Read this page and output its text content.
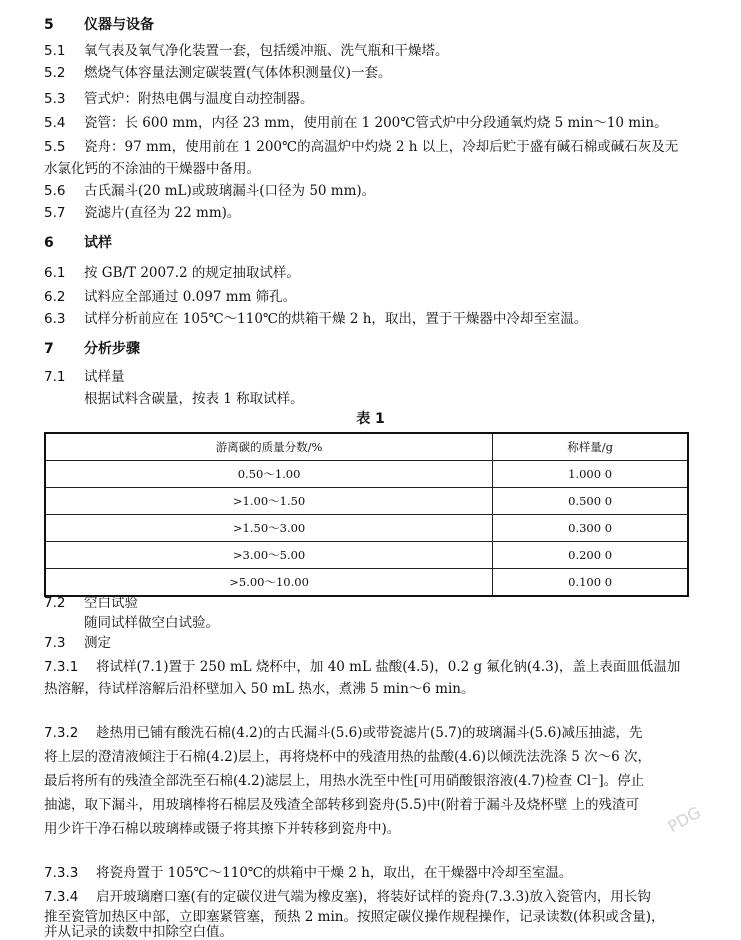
5 仪器与设备
5.1 氧气表及氧气净化装置一套，包括缓冲瓶、洗气瓶和干燥塔。
5.2 燃烧气体容量法测定碳装置(气体体积测量仪)一套。
5.3 管式炉：附热电偶与温度自动控制器。
5.4 瓷管：长 600 mm，内径 23 mm，使用前在 1 200℃管式炉中分段通氧灼烧 5 min～10 min。
5.5 瓷舟：97 mm，使用前在 1 200℃的高温炉中灼烧 2 h 以上，冷却后贮于盛有碱石棉或碱石灰及无
水氯化钙的不涂油的干燥器中备用。
5.6 古氏漏斗(20 mL)或玻璃漏斗(口径为 50 mm)。
5.7 瓷滤片(直径为 22 mm)。
6 试样
6.1 按 GB/T 2007.2 的规定抽取试样。
6.2 试料应全部通过 0.097 mm 筛孔。
6.3 试样分析前应在 105℃～110℃的烘箱干燥 2 h，取出，置于干燥器中冷却至室温。
7 分析步骤
7.1 试样量
根据试料含碳量，按表 1 称取试样。
表 1
游离碳的质量分数/%	称样量/g
0.50～1.00	1.000 0
>1.00～1.50	0.500 0
>1.50～3.00	0.300 0
>3.00～5.00	0.200 0
>5.00～10.00	0.100 0
7.2 空白试验
随同试样做空白试验。
7.3 测定
7.3.1 将试样(7.1)置于 250 mL 烧杯中，加 40 mL 盐酸(4.5)，0.2 g 氟化钠(4.3)，盖上表面皿低温加
热溶解，待试样溶解后沿杯壁加入 50 mL 热水，煮沸 5 min～6 min。
7.3.2 趁热用已铺有酸洗石棉(4.2)的古氏漏斗(5.6)或带瓷滤片(5.7)的玻璃漏斗(5.6)减压抽滤，先
将上层的澄清液倾注于石棉(4.2)层上，再将烧杯中的残渣用热的盐酸(4.6)以倾洗法洗涤 5 次～6 次，
最后将所有的残渣全部洗至石棉(4.2)滤层上，用热水洗至中性[可用硝酸银溶液(4.7)检查 Cl⁻]。停止
抽滤，取下漏斗，用玻璃棒将石棉层及残渣全部转移到瓷舟(5.5)中(附着于漏斗及烧杯壁 上的残渣可
用少许干净石棉以玻璃棒或镊子将其擦下并转移到瓷舟中)。
7.3.3 将瓷舟置于 105℃～110℃的烘箱中干燥 2 h，取出，在干燥器中冷却至室温。
7.3.4 启开玻璃磨口塞(有的定碳仪进气端为橡皮塞)，将装好试样的瓷舟(7.3.3)放入瓷管内，用长钩
推至瓷管加热区中部，立即塞紧管塞，预热 2 min。按照定碳仪操作规程操作，记录读数(体积或含量)，
并从记录的读数中扣除空白值。
PDG
